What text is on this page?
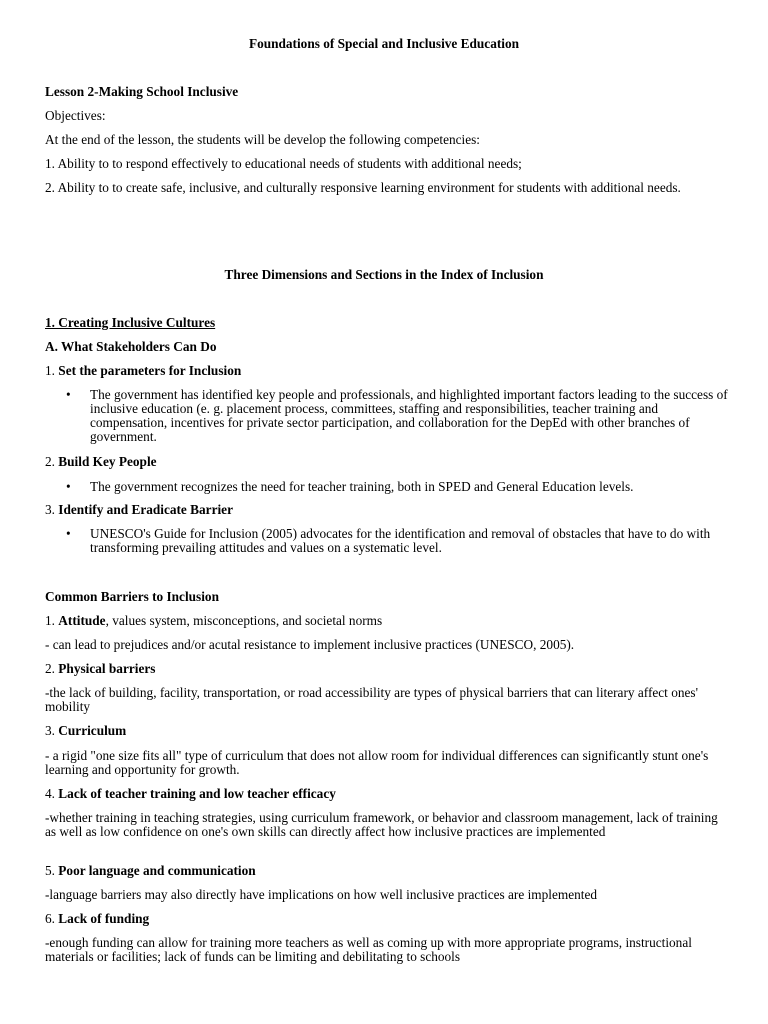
Foundations of Special and Inclusive Education

Lesson 2-Making School Inclusive

Objectives:

At the end of the lesson, the students will be develop the following competencies:

1. Ability to to respond effectively to educational needs of students with additional needs;

2. Ability to to create safe, inclusive, and culturally responsive learning environment for students with additional needs.

Three Dimensions and Sections in the Index of Inclusion

1. Creating Inclusive Cultures

A. What Stakeholders Can Do

1. Set the parameters for Inclusion

• The government has identified key people and professionals, and highlighted important factors leading to the success of inclusive education (e. g. placement process, committees, staffing and responsibilities, teacher training and compensation, incentives for private sector participation, and collaboration for the DepEd with other branches of government.

2. Build Key People

• The government recognizes the need for teacher training, both in SPED and General Education levels.

3. Identify and Eradicate Barrier

• UNESCO's Guide for Inclusion (2005) advocates for the identification and removal of obstacles that have to do with transforming prevailing attitudes and values on a systematic level.

Common Barriers to Inclusion

1. Attitude, values system, misconceptions, and societal norms

- can lead to prejudices and/or acutal resistance to implement inclusive practices (UNESCO, 2005).

2. Physical barriers

-the lack of building, facility, transportation, or road accessibility are types of physical barriers that can literary affect ones' mobility

3. Curriculum

- a rigid "one size fits all" type of curriculum that does not allow room for individual differences can significantly stunt one's learning and opportunity for growth.

4. Lack of teacher training and low teacher efficacy

-whether training in teaching strategies, using curriculum framework, or behavior and classroom management, lack of training as well as low confidence on one's own skills can directly affect how inclusive practices are implemented

5. Poor language and communication

-language barriers may also directly have implications on how well inclusive practices are implemented

6. Lack of funding

-enough funding can allow for training more teachers as well as coming up with more appropriate programs, instructional materials or facilities; lack of funds can be limiting and debilitating to schools
